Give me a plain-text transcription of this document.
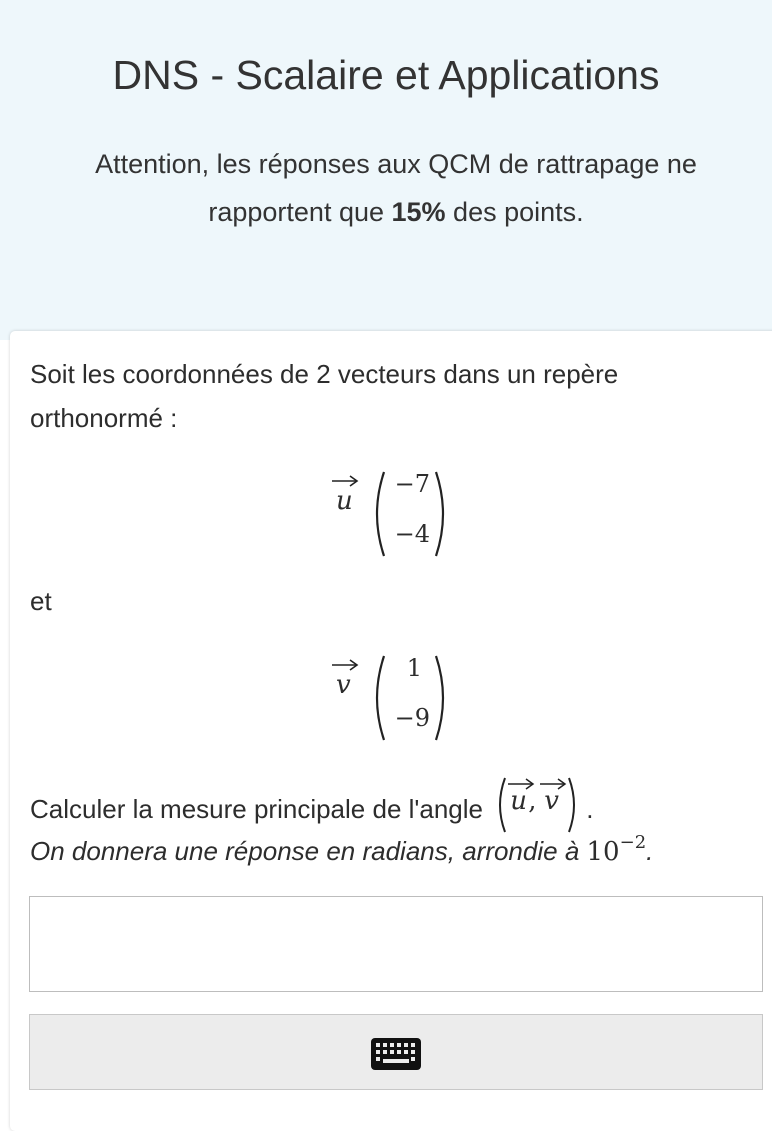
DNS - Scalaire et Applications
Attention, les réponses aux QCM de rattrapage ne rapportent que 15% des points.
Soit les coordonnées de 2 vecteurs dans un repère orthonormé :
u
−7
−4
et
v
1
−9
Calculer la mesure principale de l'angle u , v .
On donnera une réponse en radians, arrondie à $10^{-2}$.
